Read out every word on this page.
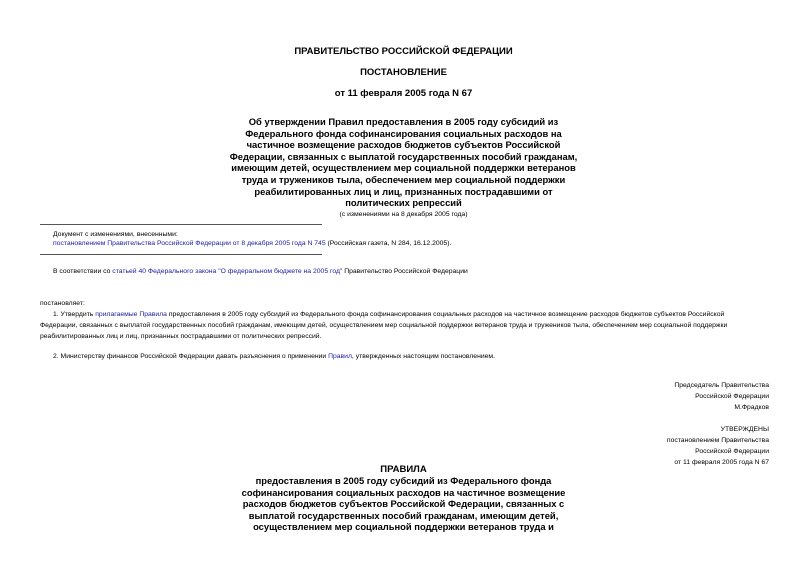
ПРАВИТЕЛЬСТВО РОССИЙСКОЙ ФЕДЕРАЦИИ
ПОСТАНОВЛЕНИЕ
от 11 февраля 2005 года N 67
Об утверждении Правил предоставления в 2005 году субсидий из
Федерального фонда софинансирования социальных расходов на
частичное возмещение расходов бюджетов субъектов Российской
Федерации, связанных с выплатой государственных пособий гражданам,
имеющим детей, осуществлением мер социальной поддержки ветеранов
труда и тружеников тыла, обеспечением мер социальной поддержки
реабилитированных лиц и лиц, признанных пострадавшими от
политических репрессий
(с изменениями на 8 декабря 2005 года)
Документ с изменениями, внесенными:
постановлением Правительства Российской Федерации от 8 декабря 2005 года N 745 (Российская газета, N 284, 16.12.2005).
В соответствии со статьей 40 Федерального закона "О федеральном бюджете на 2005 год" Правительство Российской Федерации
постановляет:
1. Утвердить прилагаемые Правила предоставления в 2005 году субсидий из Федерального фонда софинансирования социальных расходов на частичное возмещение расходов бюджетов субъектов Российской
Федерации, связанных с выплатой государственных пособий гражданам, имеющим детей, осуществлением мер социальной поддержки ветеранов труда и тружеников тыла, обеспечением мер социальной поддержки
реабилитированных лиц и лиц, признанных пострадавшими от политических репрессий.
2. Министерству финансов Российской Федерации давать разъяснения о применении Правил, утвержденных настоящим постановлением.
Председатель Правительства
Российской Федерации
М.Фрадков
УТВЕРЖДЕНЫ
постановлением Правительства
Российской Федерации
от 11 февраля 2005 года N 67
ПРАВИЛА
предоставления в 2005 году субсидий из Федерального фонда
софинансирования социальных расходов на частичное возмещение
расходов бюджетов субъектов Российской Федерации, связанных с
выплатой государственных пособий гражданам, имеющим детей,
осуществлением мер социальной поддержки ветеранов труда и
